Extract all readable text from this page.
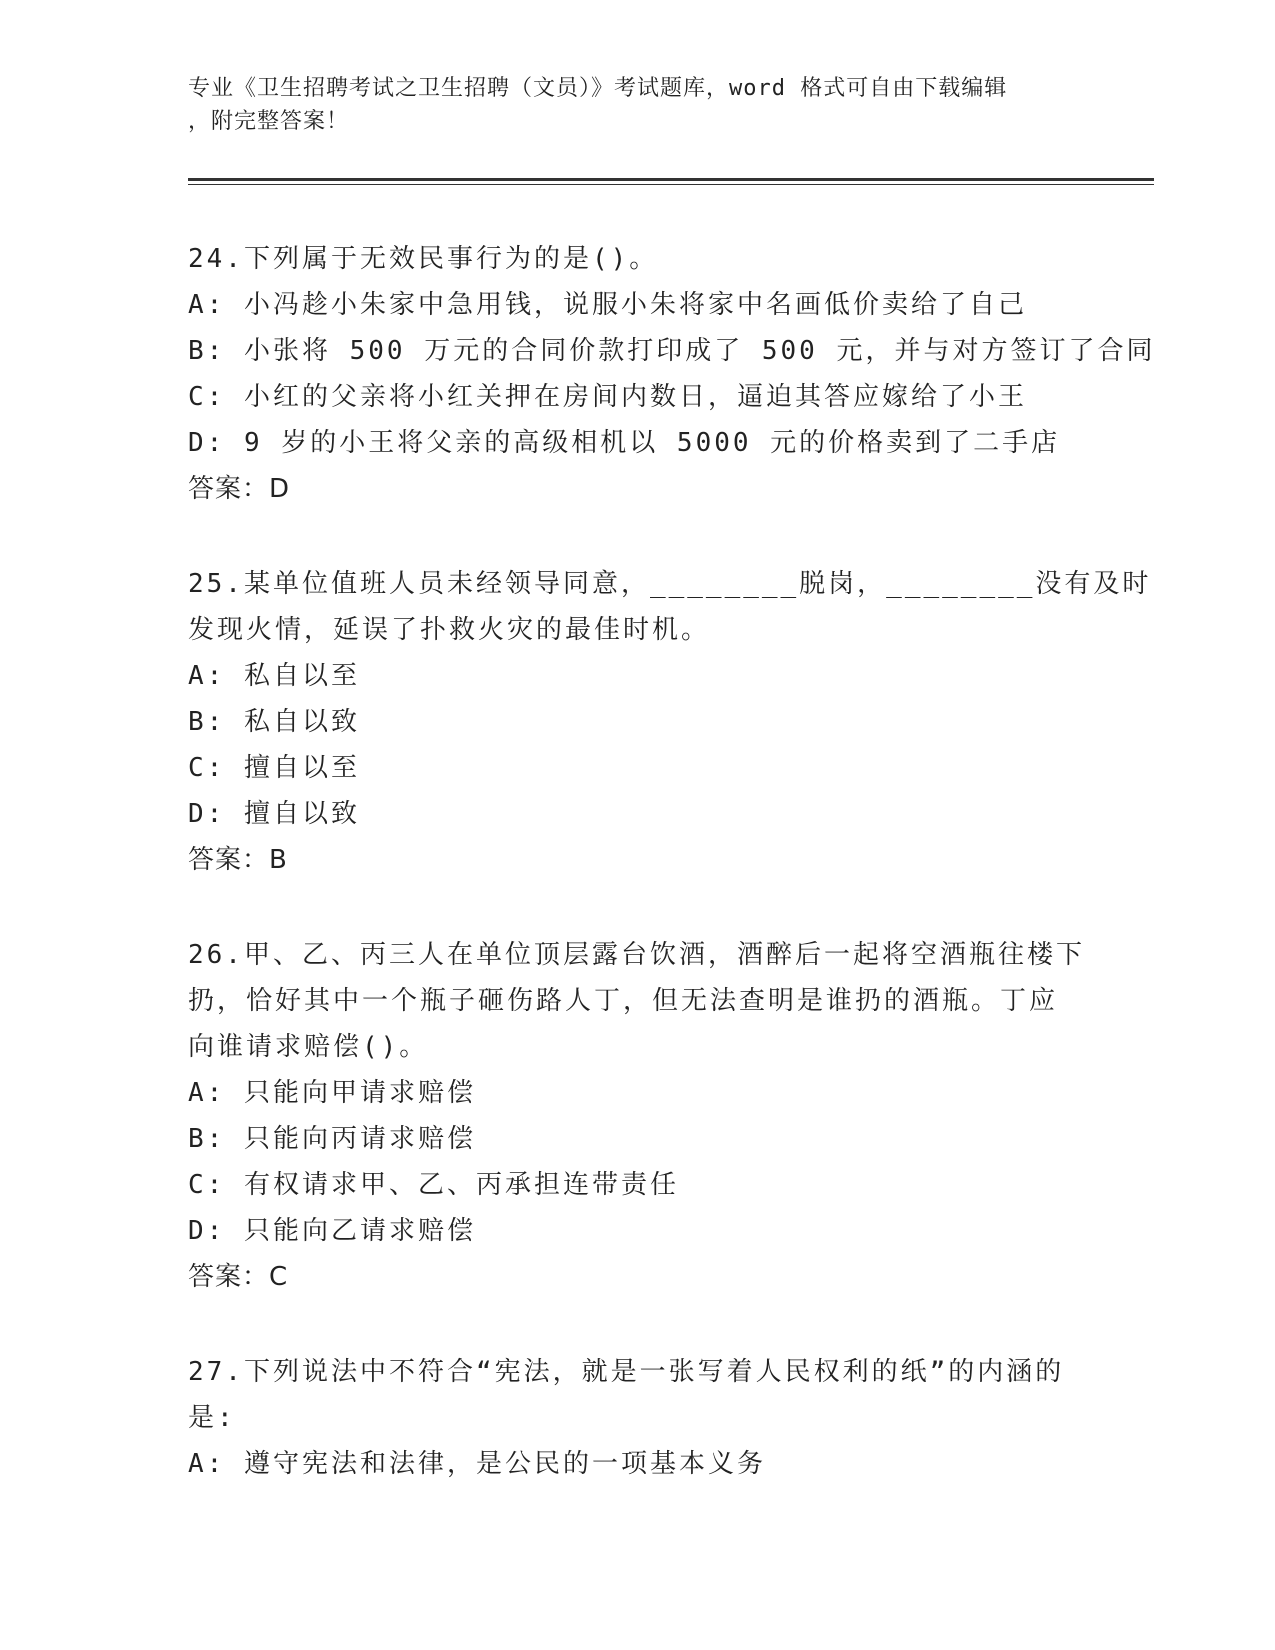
专业《卫生招聘考试之卫生招聘（文员）》考试题库，word 格式可自由下载编辑
，附完整答案！
24.下列属于无效民事行为的是()。
A: 小冯趁小朱家中急用钱，说服小朱将家中名画低价卖给了自己
B: 小张将 500 万元的合同价款打印成了 500 元，并与对方签订了合同
C: 小红的父亲将小红关押在房间内数日，逼迫其答应嫁给了小王
D: 9 岁的小王将父亲的高级相机以 5000 元的价格卖到了二手店
答案：D
25.某单位值班人员未经领导同意，________脱岗，________没有及时
发现火情，延误了扑救火灾的最佳时机。
A: 私自以至
B: 私自以致
C: 擅自以至
D: 擅自以致
答案：B
26.甲、乙、丙三人在单位顶层露台饮酒，酒醉后一起将空酒瓶往楼下
扔，恰好其中一个瓶子砸伤路人丁，但无法查明是谁扔的酒瓶。丁应
向谁请求赔偿()。
A: 只能向甲请求赔偿
B: 只能向丙请求赔偿
C: 有权请求甲、乙、丙承担连带责任
D: 只能向乙请求赔偿
答案：C
27.下列说法中不符合“宪法，就是一张写着人民权利的纸”的内涵的
是:
A: 遵守宪法和法律，是公民的一项基本义务
